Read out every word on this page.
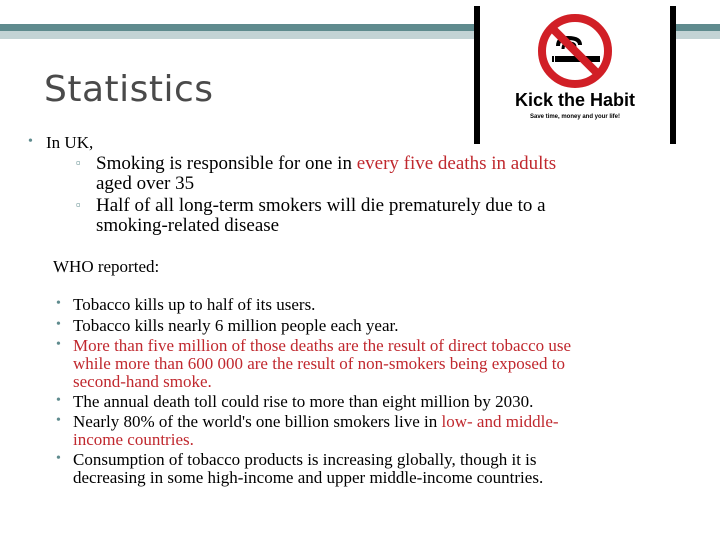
Statistics	Kick the Habit
Save time, money and your life!
• In UK,
▫ Smoking is responsible for one in every five deaths in adults
aged over 35
▫ Half of all long-term smokers will die prematurely due to a
smoking-related disease
WHO reported:
• Tobacco kills up to half of its users.
• Tobacco kills nearly 6 million people each year.
• More than five million of those deaths are the result of direct tobacco use
while more than 600 000 are the result of non-smokers being exposed to
second-hand smoke.
• The annual death toll could rise to more than eight million by 2030.
• Nearly 80% of the world's one billion smokers live in low- and middle-
income countries.
• Consumption of tobacco products is increasing globally, though it is
decreasing in some high-income and upper middle-income countries.
